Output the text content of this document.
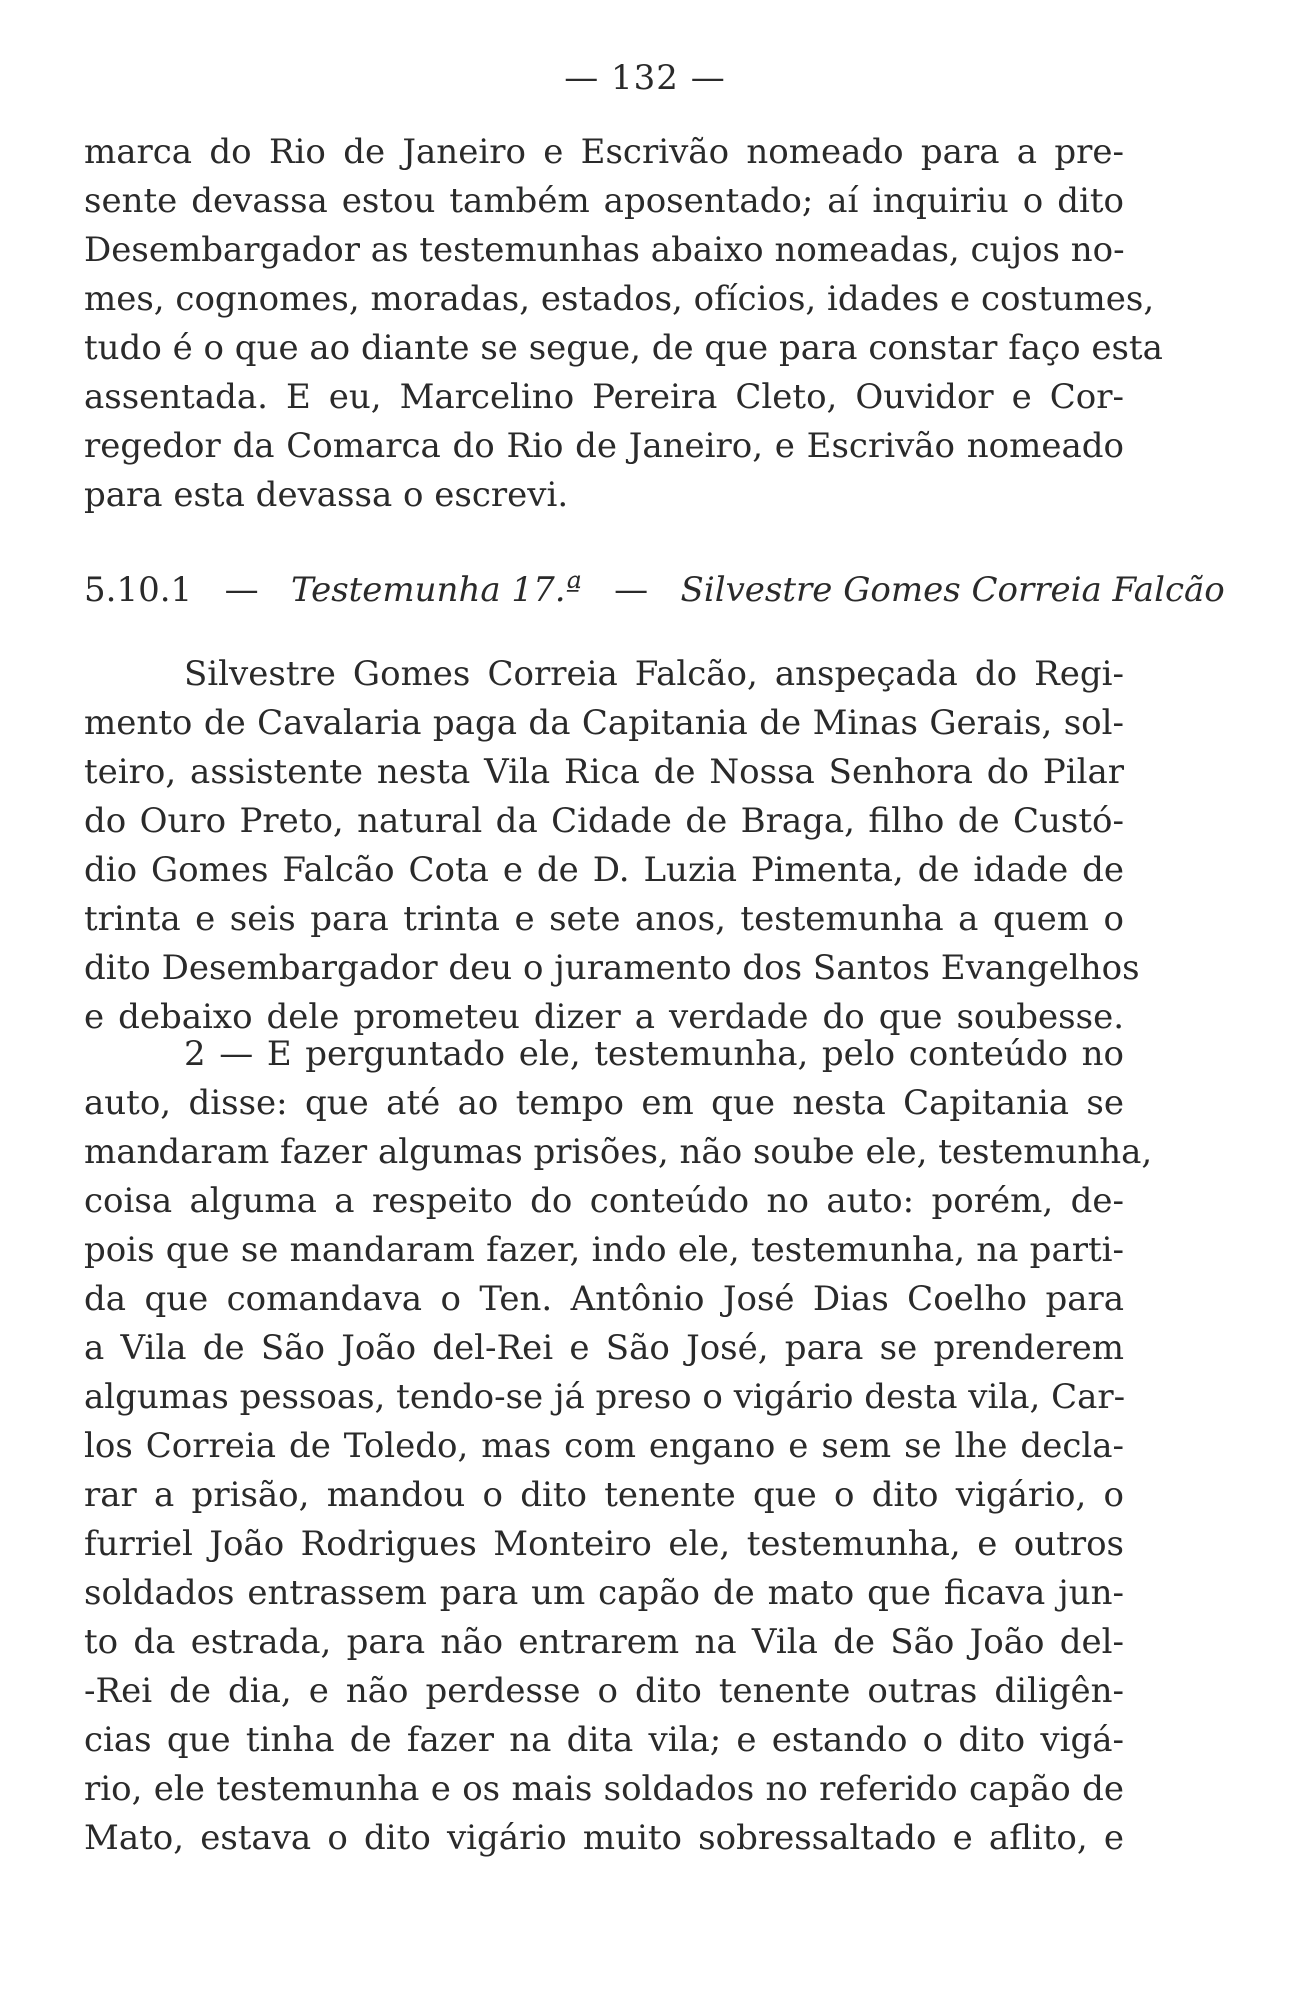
— 132 —
marca do Rio de Janeiro e Escrivão nomeado para a pre-
sente devassa estou também aposentado; aí inquiriu o dito
Desembargador as testemunhas abaixo nomeadas, cujos no-
mes, cognomes, moradas, estados, ofícios, idades e costumes,
tudo é o que ao diante se segue, de que para constar faço esta
assentada. E eu, Marcelino Pereira Cleto, Ouvidor e Cor-
regedor da Comarca do Rio de Janeiro, e Escrivão nomeado
para esta devassa o escrevi.
5.10.1 — Testemunha 17.ª — Silvestre Gomes Correia Falcão
Silvestre Gomes Correia Falcão, anspeçada do Regi-
mento de Cavalaria paga da Capitania de Minas Gerais, sol-
teiro, assistente nesta Vila Rica de Nossa Senhora do Pilar
do Ouro Preto, natural da Cidade de Braga, filho de Custó-
dio Gomes Falcão Cota e de D. Luzia Pimenta, de idade de
trinta e seis para trinta e sete anos, testemunha a quem o
dito Desembargador deu o juramento dos Santos Evangelhos
e debaixo dele prometeu dizer a verdade do que soubesse.
2 — E perguntado ele, testemunha, pelo conteúdo no
auto, disse: que até ao tempo em que nesta Capitania se
mandaram fazer algumas prisões, não soube ele, testemunha,
coisa alguma a respeito do conteúdo no auto: porém, de-
pois que se mandaram fazer, indo ele, testemunha, na parti-
da que comandava o Ten. Antônio José Dias Coelho para
a Vila de São João del-Rei e São José, para se prenderem
algumas pessoas, tendo-se já preso o vigário desta vila, Car-
los Correia de Toledo, mas com engano e sem se lhe decla-
rar a prisão, mandou o dito tenente que o dito vigário, o
furriel João Rodrigues Monteiro ele, testemunha, e outros
soldados entrassem para um capão de mato que ficava jun-
to da estrada, para não entrarem na Vila de São João del-
-Rei de dia, e não perdesse o dito tenente outras diligên-
cias que tinha de fazer na dita vila; e estando o dito vigá-
rio, ele testemunha e os mais soldados no referido capão de
Mato, estava o dito vigário muito sobressaltado e aflito, e
